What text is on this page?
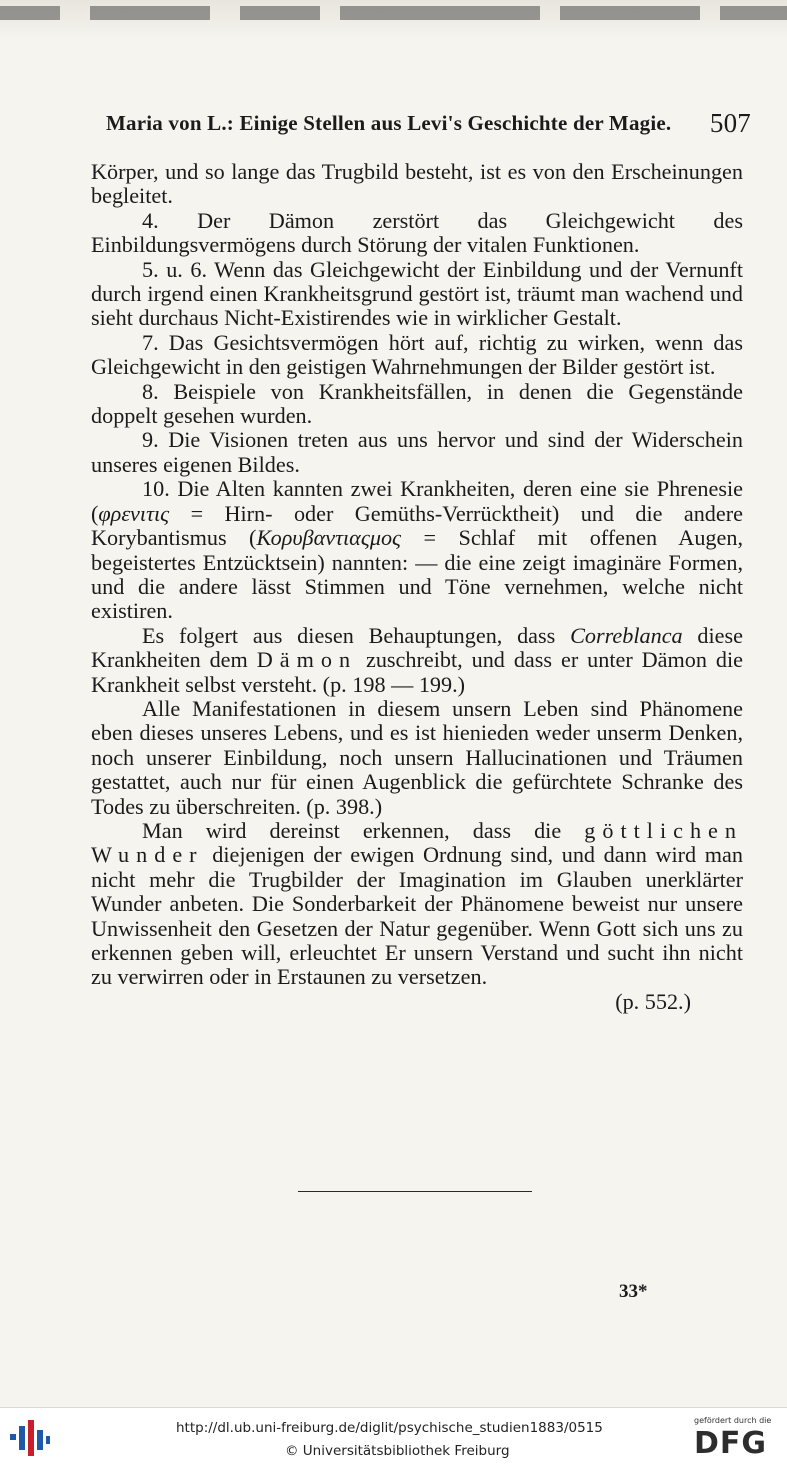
Maria von L.: Einige Stellen aus Levi's Geschichte der Magie. 507

Körper, und so lange das Trugbild besteht, ist es von den Erscheinungen begleitet.

4. Der Dämon zerstört das Gleichgewicht des Einbildungsvermögens durch Störung der vitalen Funktionen.

5. u. 6. Wenn das Gleichgewicht der Einbildung und der Vernunft durch irgend einen Krankheitsgrund gestört ist, träumt man wachend und sieht durchaus Nicht-Existirendes wie in wirklicher Gestalt.

7. Das Gesichtsvermögen hört auf, richtig zu wirken, wenn das Gleichgewicht in den geistigen Wahrnehmungen der Bilder gestört ist.

8. Beispiele von Krankheitsfällen, in denen die Gegenstände doppelt gesehen wurden.

9. Die Visionen treten aus uns hervor und sind der Widerschein unseres eigenen Bildes.

10. Die Alten kannten zwei Krankheiten, deren eine sie Phrenesie (φρενιτις = Hirn- oder Gemüths-Verrücktheit) und die andere Korybantismus (Κορυβαντιαςμος = Schlaf mit offenen Augen, begeistertes Entzücktsein) nannten: — die eine zeigt imaginäre Formen, und die andere lässt Stimmen und Töne vernehmen, welche nicht existiren.

Es folgert aus diesen Behauptungen, dass Correblanca diese Krankheiten dem Dämon zuschreibt, und dass er unter Dämon die Krankheit selbst versteht. (p. 198 — 199.)

Alle Manifestationen in diesem unsern Leben sind Phänomene eben dieses unseres Lebens, und es ist hienieden weder unserm Denken, noch unserer Einbildung, noch unsern Hallucinationen und Träumen gestattet, auch nur für einen Augenblick die gefürchtete Schranke des Todes zu überschreiten. (p. 398.)

Man wird dereinst erkennen, dass die göttlichen Wunder diejenigen der ewigen Ordnung sind, und dann wird man nicht mehr die Trugbilder der Imagination im Glauben unerklärter Wunder anbeten. Die Sonderbarkeit der Phänomene beweist nur unsere Unwissenheit den Gesetzen der Natur gegenüber. Wenn Gott sich uns zu erkennen geben will, erleuchtet Er unsern Verstand und sucht ihn nicht zu verwirren oder in Erstaunen zu versetzen.

(p. 552.)

33*
http://dl.ub.uni-freiburg.de/diglit/psychische_studien1883/0515
© Universitätsbibliothek Freiburg
gefördert durch die
DFG
